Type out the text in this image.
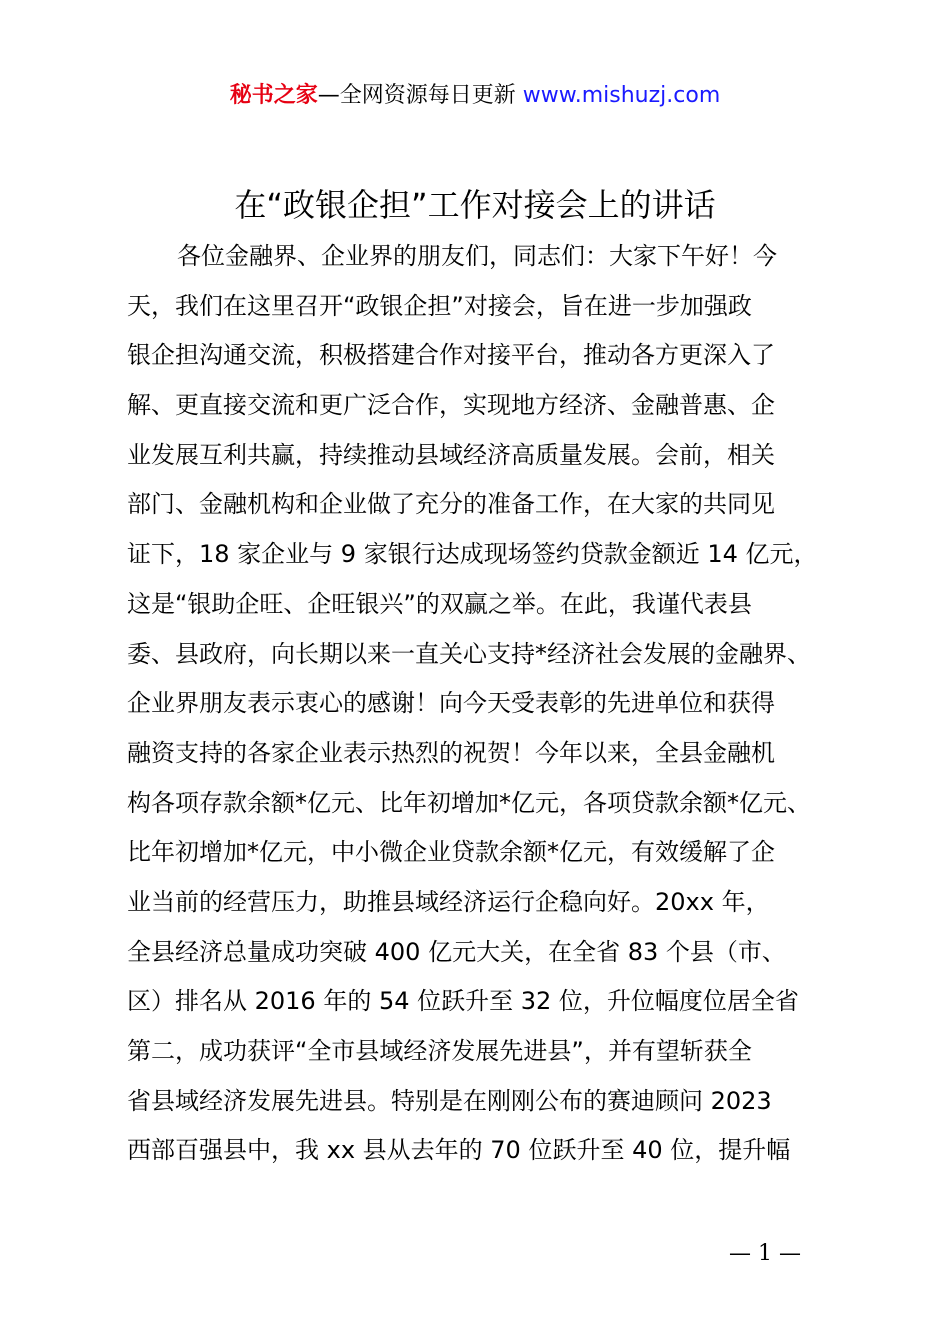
秘书之家—全网资源每日更新 www.mishuzj.com
在“政银企担”工作对接会上的讲话
各位金融界、企业界的朋友们，同志们：大家下午好！今
天，我们在这里召开“政银企担”对接会，旨在进一步加强政
银企担沟通交流，积极搭建合作对接平台，推动各方更深入了
解、更直接交流和更广泛合作，实现地方经济、金融普惠、企
业发展互利共赢，持续推动县域经济高质量发展。会前，相关
部门、金融机构和企业做了充分的准备工作，在大家的共同见
证下，18 家企业与 9 家银行达成现场签约贷款金额近 14 亿元，
这是“银助企旺、企旺银兴”的双赢之举。在此，我谨代表县
委、县政府，向长期以来一直关心支持*经济社会发展的金融界、
企业界朋友表示衷心的感谢！向今天受表彰的先进单位和获得
融资支持的各家企业表示热烈的祝贺！今年以来，全县金融机
构各项存款余额*亿元、比年初增加*亿元，各项贷款余额*亿元、
比年初增加*亿元，中小微企业贷款余额*亿元，有效缓解了企
业当前的经营压力，助推县域经济运行企稳向好。20xx 年，
全县经济总量成功突破 400 亿元大关，在全省 83 个县（市、
区）排名从 2016 年的 54 位跃升至 32 位，升位幅度位居全省
第二，成功获评“全市县域经济发展先进县”，并有望斩获全
省县域经济发展先进县。特别是在刚刚公布的赛迪顾问 2023
西部百强县中，我 xx 县从去年的 70 位跃升至 40 位，提升幅
— 1 —
